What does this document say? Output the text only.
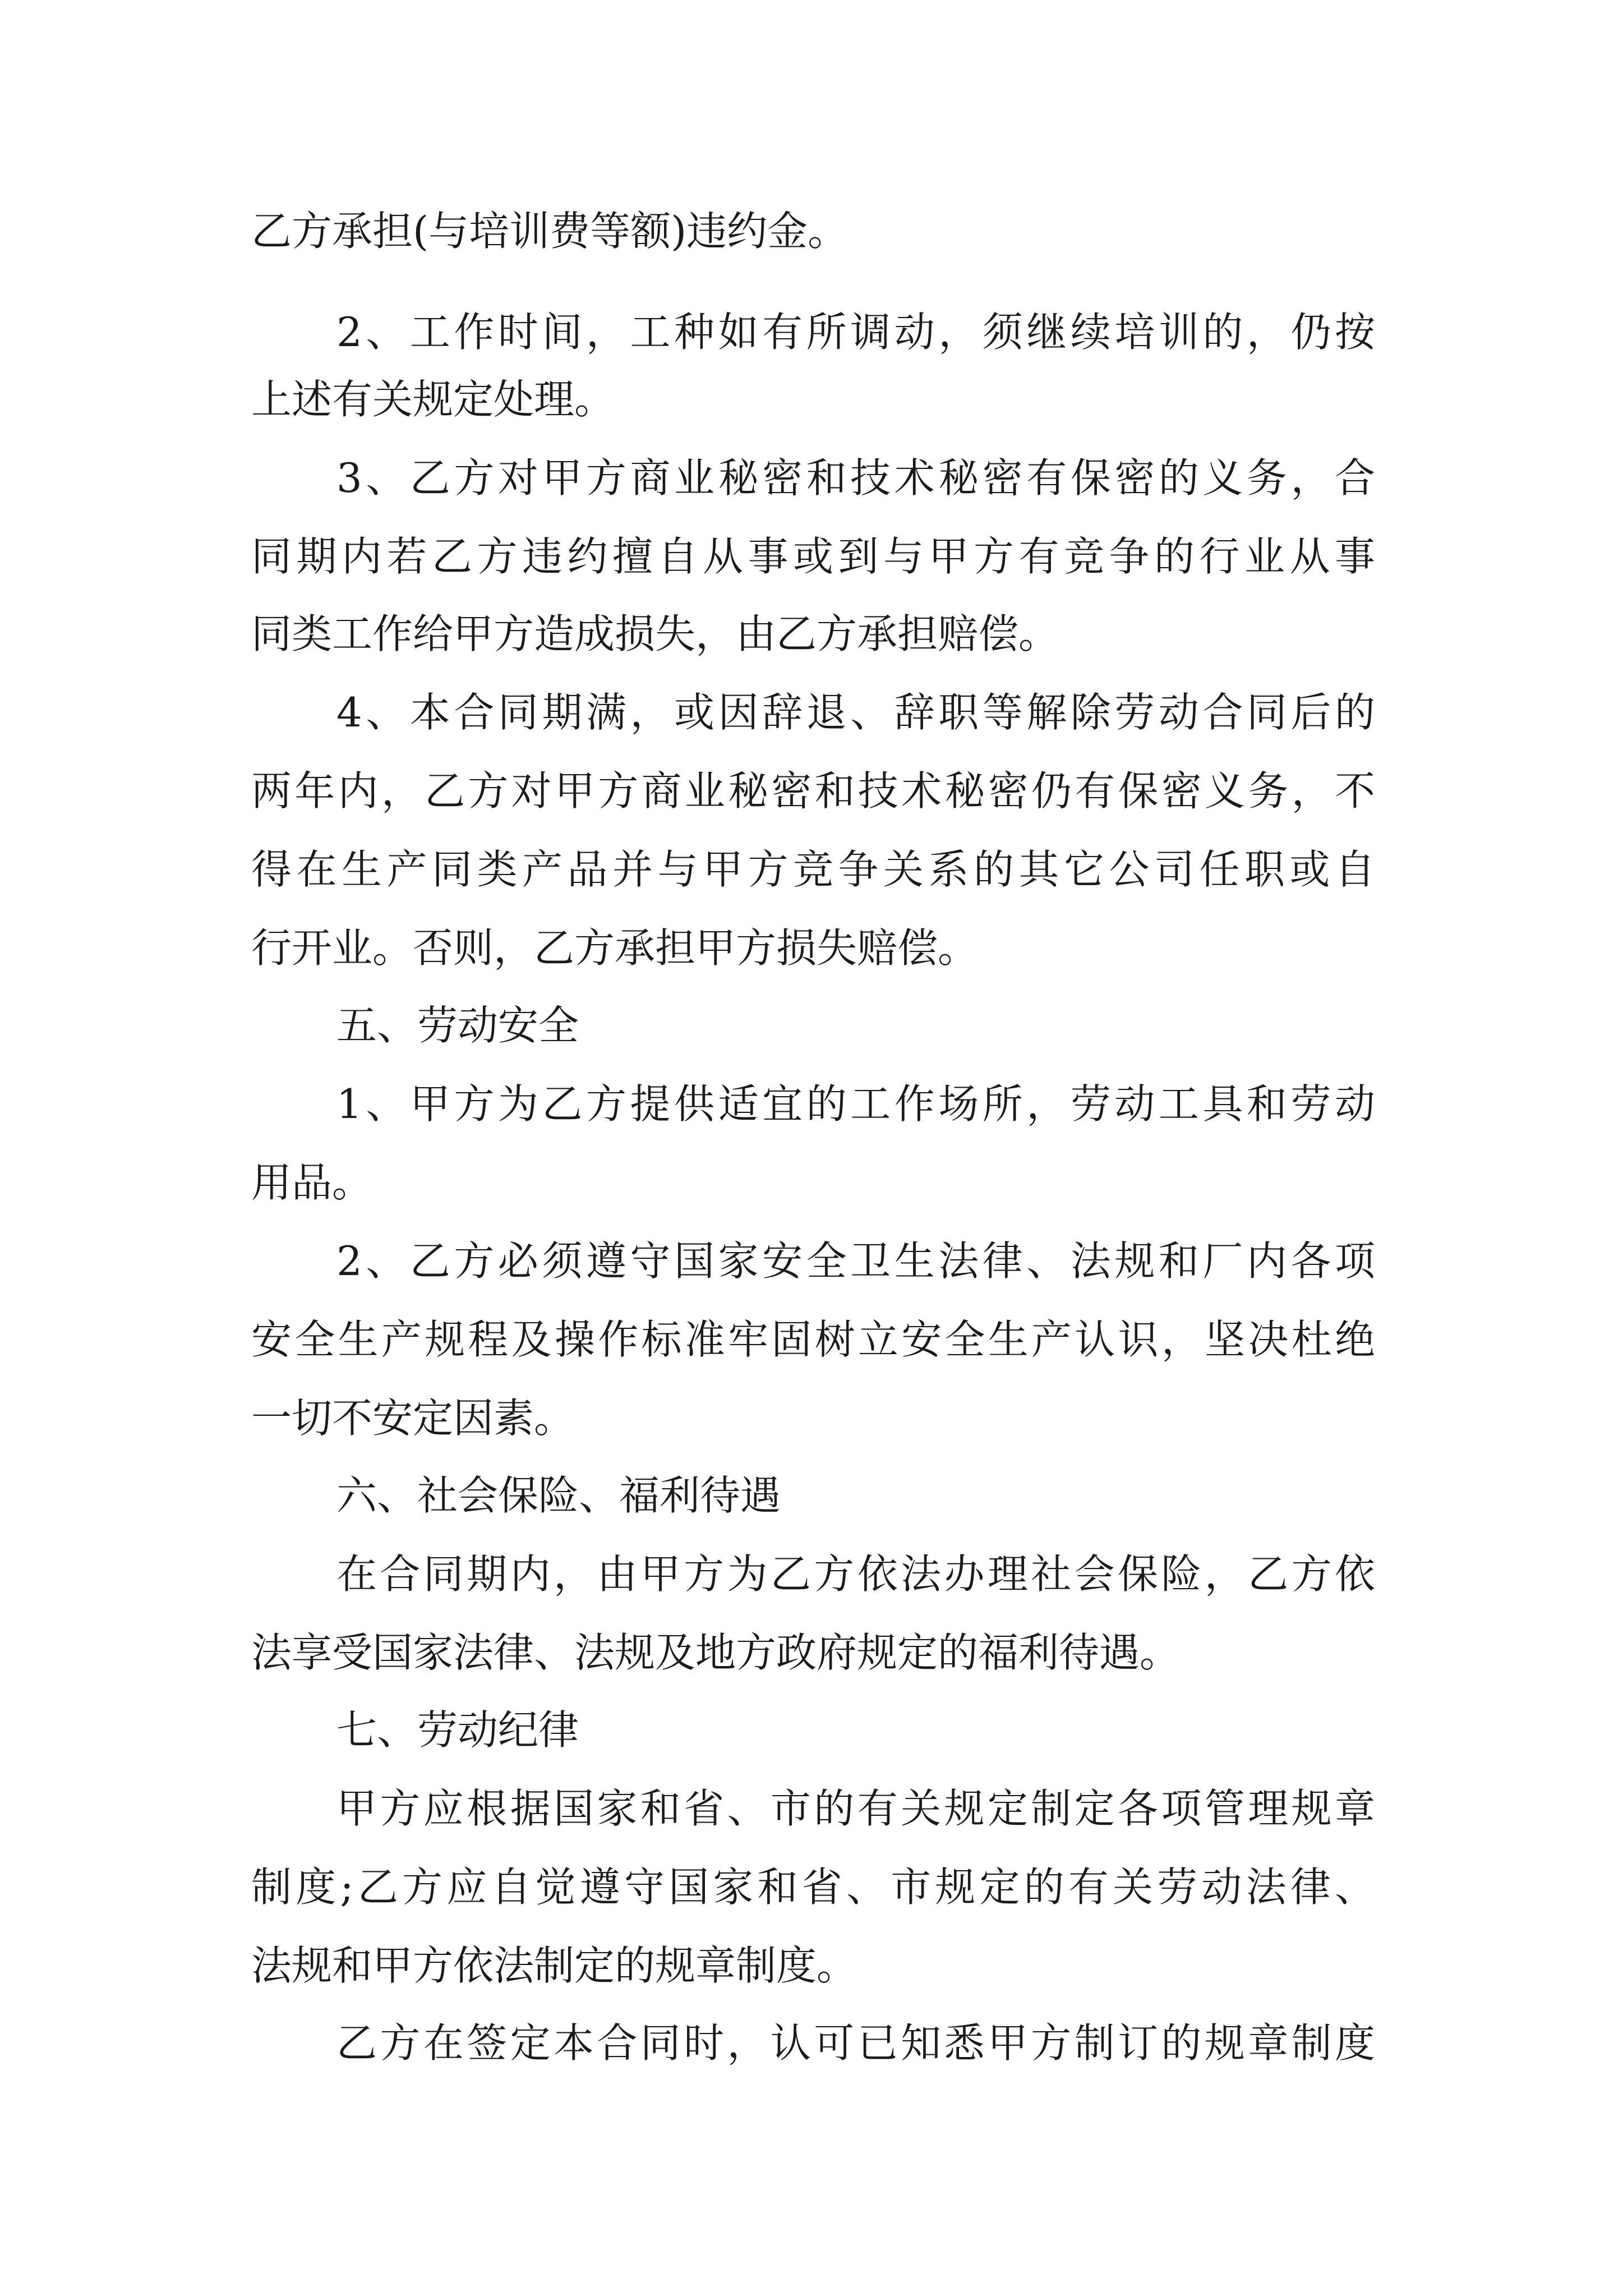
乙方承担(与培训费等额)违约金。
2、工作时间，工种如有所调动，须继续培训的，仍按
上述有关规定处理。
3、乙方对甲方商业秘密和技术秘密有保密的义务，合
同期内若乙方违约擅自从事或到与甲方有竞争的行业从事
同类工作给甲方造成损失，由乙方承担赔偿。
4、本合同期满，或因辞退、辞职等解除劳动合同后的
两年内，乙方对甲方商业秘密和技术秘密仍有保密义务，不
得在生产同类产品并与甲方竞争关系的其它公司任职或自
行开业。否则，乙方承担甲方损失赔偿。
五、劳动安全
1、甲方为乙方提供适宜的工作场所，劳动工具和劳动
用品。
2、乙方必须遵守国家安全卫生法律、法规和厂内各项
安全生产规程及操作标准牢固树立安全生产认识，坚决杜绝
一切不安定因素。
六、社会保险、福利待遇
在合同期内，由甲方为乙方依法办理社会保险，乙方依
法享受国家法律、法规及地方政府规定的福利待遇。
七、劳动纪律
甲方应根据国家和省、市的有关规定制定各项管理规章
制度;乙方应自觉遵守国家和省、市规定的有关劳动法律、
法规和甲方依法制定的规章制度。
乙方在签定本合同时，认可已知悉甲方制订的规章制度
